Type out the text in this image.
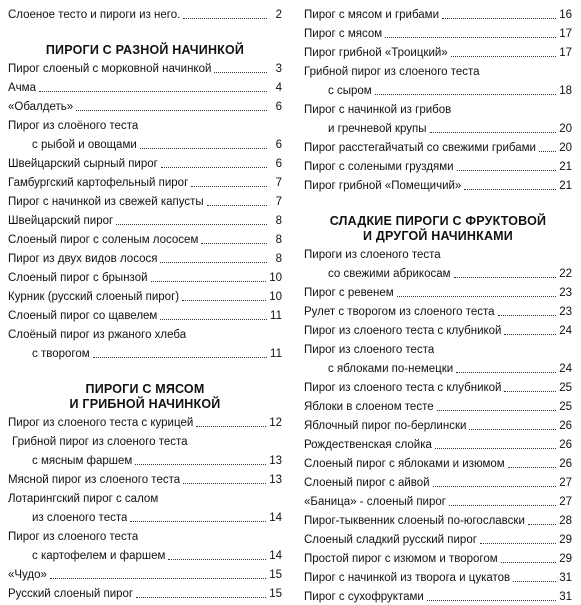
Слоеное тесто и пироги из него.	2
ПИРОГИ С РАЗНОЙ НАЧИНКОЙ
Пирог слоеный с морковной начинкой	3
Ачма	4
«Обалдеть»	6
Пирог из слоёного теста
с рыбой и овощами	6
Швейцарский сырный пирог	6
Гамбургский картофельный пирог	7
Пирог с начинкой из свежей капусты	7
Швейцарский пирог	8
Слоеный пирог с соленым лососем	8
Пирог из двух видов лосося	8
Слоеный пирог с брынзой	10
Курник (русский слоеный пирог)	10
Слоеный пирог со щавелем	11
Слоёный пирог из ржаного хлеба
с творогом	11
ПИРОГИ С МЯСОМ
И ГРИБНОЙ НАЧИНКОЙ
Пирог из слоеного теста с курицей	12
Грибной пирог из слоеного теста
с мясным фаршем	13
Мясной пирог из слоеного теста	13
Лотарингский пирог с салом
из слоеного теста	14
Пирог из слоеного теста
с картофелем и фаршем	14
«Чудо»	15
Русский слоеный пирог	15
Пирог с мясом и грибами	16
Пирог с мясом	17
Пирог грибной «Троицкий»	17
Грибной пирог из слоеного теста
с сыром	18
Пирог с начинкой из грибов
и гречневой крупы	20
Пирог расстегайчатый со свежими грибами 20
Пирог с солеными груздями	21
Пирог грибной «Помещичий»	21
СЛАДКИЕ ПИРОГИ С ФРУКТОВОЙ
И ДРУГОЙ НАЧИНКАМИ
Пироги из слоеного теста
со свежими абрикосам	22
Пирог с ревенем	23
Рулет с творогом из слоеного теста	23
Пирог из слоеного теста с клубникой	24
Пирог из слоеного теста
с яблоками по-немецки	24
Пирог из слоеного теста с клубникой	25
Яблоки в слоеном тесте	25
Яблочный пирог по-берлински	26
Рождественская слойка	26
Слоеный пирог с яблоками и изюмом	26
Слоеный пирог с айвой	27
«Баница» - слоеный пирог	27
Пирог-тыквенник слоеный по-югославски	28
Слоеный сладкий русский пирог	29
Простой пирог с изюмом и творогом	29
Пирог с начинкой из творога и цукатов	31
Пирог с сухофруктами	31
